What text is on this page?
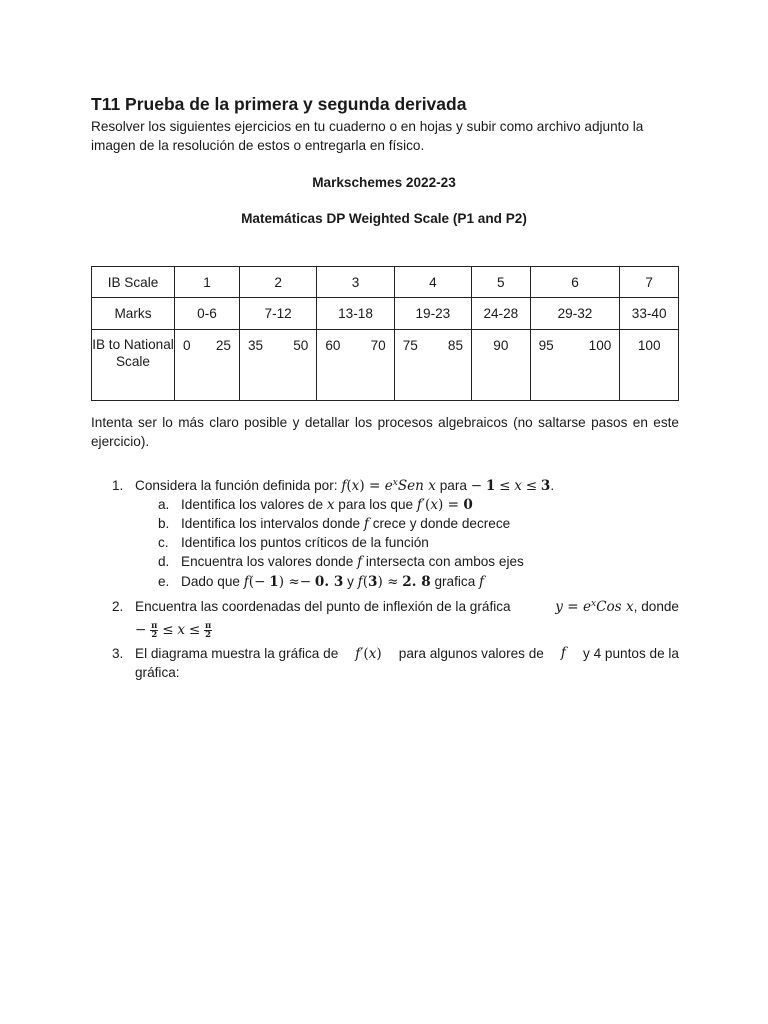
T11 Prueba de la primera y segunda derivada

Resolver los siguientes ejercicios en tu cuaderno o en hojas y subir como archivo adjunto la imagen de la resolución de estos o entregarla en físico.

Markschemes 2022-23

Matemáticas DP Weighted Scale (P1 and P2)

IB Scale	1	2	3	4	5	6	7
Marks	0-6	7-12	13-18	19-23	24-28	29-32	33-40
IB to National Scale	0 25	35 50	60 70	75 85	90	95 100	100

Intenta ser lo más claro posible y detallar los procesos algebraicos (no saltarse pasos en este ejercicio).

1. Considera la función definida por: $f(x) = e^xSen$ x para − 1 ≤ x ≤ 3.
a. Identifica los valores de x para los que f′(x) = 0
b. Identifica los intervalos donde f crece y donde decrece
c. Identifica los puntos críticos de la función
d. Encuentra los valores donde f intersecta con ambos ejes
e. Dado que f(− 1) ≈− 0. 3 y f(3) ≈ 2. 8 grafica f
2. Encuentra las coordenadas del punto de inflexión de la gráfica	$y = e^xCos$ x, donde
− $\frac{\pi}{2} \le x \le \frac{\pi}{2}$
3. El diagrama muestra la gráfica de f′(x) para algunos valores de f y 4 puntos de la
gráfica:
